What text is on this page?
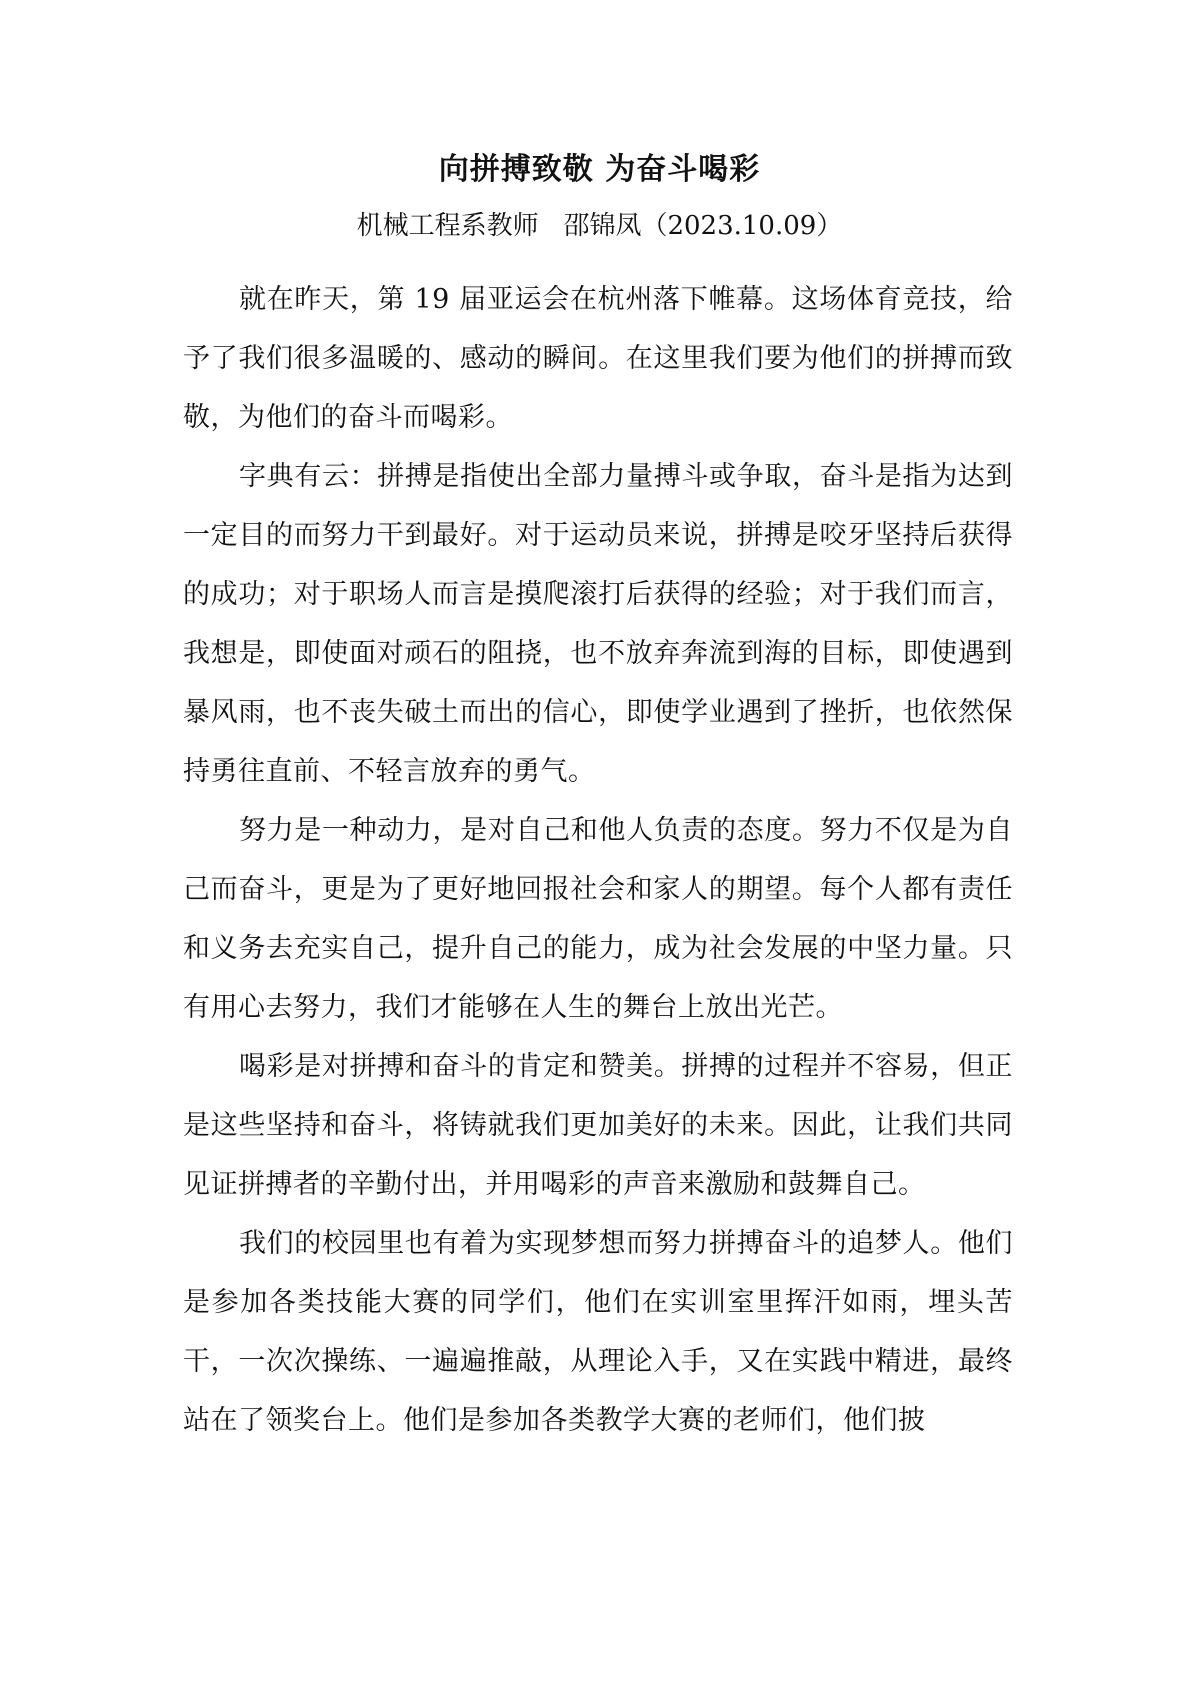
向拼搏致敬 为奋斗喝彩

机械工程系教师   邵锦凤（2023.10.09）

就在昨天，第 19 届亚运会在杭州落下帷幕。这场体育竞技，给予了我们很多温暖的、感动的瞬间。在这里我们要为他们的拼搏而致敬，为他们的奋斗而喝彩。

字典有云：拼搏是指使出全部力量搏斗或争取，奋斗是指为达到一定目的而努力干到最好。对于运动员来说，拼搏是咬牙坚持后获得的成功；对于职场人而言是摸爬滚打后获得的经验；对于我们而言，我想是，即使面对顽石的阻挠，也不放弃奔流到海的目标，即使遇到暴风雨，也不丧失破土而出的信心，即使学业遇到了挫折，也依然保持勇往直前、不轻言放弃的勇气。

努力是一种动力，是对自己和他人负责的态度。努力不仅是为自己而奋斗，更是为了更好地回报社会和家人的期望。每个人都有责任和义务去充实自己，提升自己的能力，成为社会发展的中坚力量。只有用心去努力，我们才能够在人生的舞台上放出光芒。

喝彩是对拼搏和奋斗的肯定和赞美。拼搏的过程并不容易，但正是这些坚持和奋斗，将铸就我们更加美好的未来。因此，让我们共同见证拼搏者的辛勤付出，并用喝彩的声音来激励和鼓舞自己。

我们的校园里也有着为实现梦想而努力拼搏奋斗的追梦人。他们是参加各类技能大赛的同学们，他们在实训室里挥汗如雨，埋头苦干，一次次操练、一遍遍推敲，从理论入手，又在实践中精进，最终站在了领奖台上。他们是参加各类教学大赛的老师们，他们披
